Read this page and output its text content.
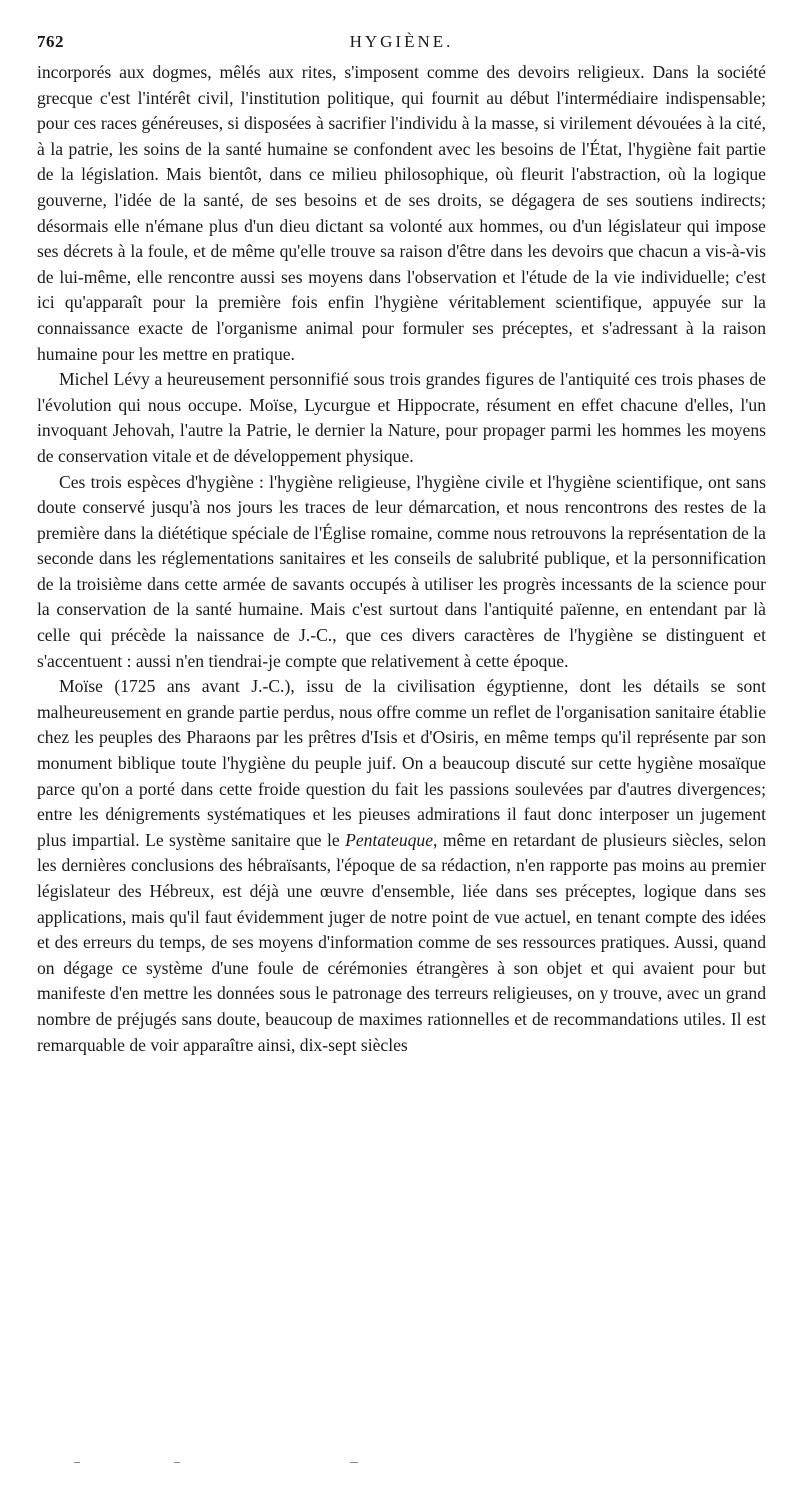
762	HYGIÈNE.

incorporés aux dogmes, mêlés aux rites, s'imposent comme des devoirs religieux. Dans la société grecque c'est l'intérêt civil, l'institution politique, qui fournit au début l'intermédiaire indispensable; pour ces races généreuses, si disposées à sacrifier l'individu à la masse, si virilement dévouées à la cité, à la patrie, les soins de la santé humaine se confondent avec les besoins de l'État, l'hygiène fait partie de la législation. Mais bientôt, dans ce milieu philosophique, où fleurit l'abstraction, où la logique gouverne, l'idée de la santé, de ses besoins et de ses droits, se dégagera de ses soutiens indirects; désormais elle n'émane plus d'un dieu dictant sa volonté aux hommes, ou d'un législateur qui impose ses décrets à la foule, et de même qu'elle trouve sa raison d'être dans les devoirs que chacun a vis-à-vis de lui-même, elle rencontre aussi ses moyens dans l'observation et l'étude de la vie individuelle; c'est ici qu'apparaît pour la première fois enfin l'hygiène véritablement scientifique, appuyée sur la connaissance exacte de l'organisme animal pour formuler ses préceptes, et s'adressant à la raison humaine pour les mettre en pratique.

Michel Lévy a heureusement personnifié sous trois grandes figures de l'antiquité ces trois phases de l'évolution qui nous occupe. Moïse, Lycurgue et Hippocrate, résument en effet chacune d'elles, l'un invoquant Jehovah, l'autre la Patrie, le dernier la Nature, pour propager parmi les hommes les moyens de conservation vitale et de développement physique.

Ces trois espèces d'hygiène : l'hygiène religieuse, l'hygiène civile et l'hygiène scientifique, ont sans doute conservé jusqu'à nos jours les traces de leur démarcation, et nous rencontrons des restes de la première dans la diététique spéciale de l'Église romaine, comme nous retrouvons la représentation de la seconde dans les réglementations sanitaires et les conseils de salubrité publique, et la personnification de la troisième dans cette armée de savants occupés à utiliser les progrès incessants de la science pour la conservation de la santé humaine. Mais c'est surtout dans l'antiquité païenne, en entendant par là celle qui précède la naissance de J.-C., que ces divers caractères de l'hygiène se distinguent et s'accentuent : aussi n'en tiendrai-je compte que relativement à cette époque.

Moïse (1725 ans avant J.-C.), issu de la civilisation égyptienne, dont les détails se sont malheureusement en grande partie perdus, nous offre comme un reflet de l'organisation sanitaire établie chez les peuples des Pharaons par les prêtres d'Isis et d'Osiris, en même temps qu'il représente par son monument biblique toute l'hygiène du peuple juif. On a beaucoup discuté sur cette hygiène mosaïque parce qu'on a porté dans cette froide question du fait les passions soulevées par d'autres divergences; entre les dénigrements systématiques et les pieuses admirations il faut donc interposer un jugement plus impartial. Le système sanitaire que le Pentateuque, même en retardant de plusieurs siècles, selon les dernières conclusions des hébraïsants, l'époque de sa rédaction, n'en rapporte pas moins au premier législateur des Hébreux, est déjà une œuvre d'ensemble, liée dans ses préceptes, logique dans ses applications, mais qu'il faut évidemment juger de notre point de vue actuel, en tenant compte des idées et des erreurs du temps, de ses moyens d'information comme de ses ressources pratiques. Aussi, quand on dégage ce système d'une foule de cérémonies étrangères à son objet et qui avaient pour but manifeste d'en mettre les données sous le patronage des terreurs religieuses, on y trouve, avec un grand nombre de préjugés sans doute, beaucoup de maximes rationnelles et de recommandations utiles. Il est remarquable de voir apparaître ainsi, dix-sept siècles
